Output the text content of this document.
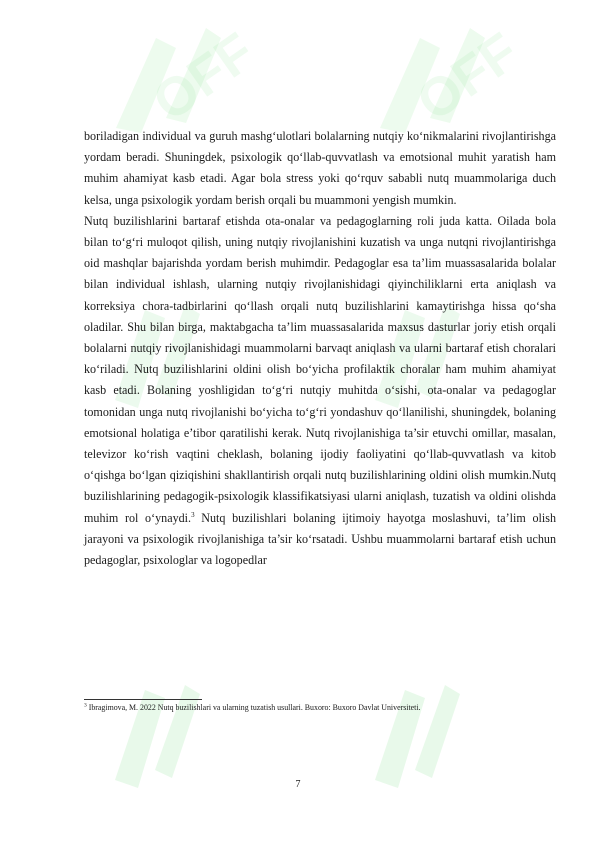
OFF	OFF

boriladigan individual va guruh mashg‘ulotlari bolalarning nutqiy ko‘nikmalarini rivojlantirishga yordam beradi. Shuningdek, psixologik qo‘llab-quvvatlash va emotsional muhit yaratish ham muhim ahamiyat kasb etadi. Agar bola stress yoki qo‘rquv sababli nutq muammolariga duch kelsa, unga psixologik yordam berish orqali bu muammoni yengish mumkin.

Nutq buzilishlarini bartaraf etishda ota-onalar va pedagoglarning roli juda katta. Oilada bola bilan to‘g‘ri muloqot qilish, uning nutqiy rivojlanishini kuzatish va unga nutqni rivojlantirishga oid mashqlar bajarishda yordam berish muhimdir. Pedagoglar esa ta’lim muassasalarida bolalar bilan individual ishlash, ularning nutqiy rivojlanishidagi qiyinchiliklarni erta aniqlash va korreksiya chora-tadbirlarini qo‘llash orqali nutq buzilishlarini kamaytirishga hissa qo‘sha oladilar. Shu bilan birga, maktabgacha ta’lim muassasalarida maxsus dasturlar joriy etish orqali bolalarni nutqiy rivojlanishidagi muammolarni barvaqt aniqlash va ularni bartaraf etish choralari ko‘riladi. Nutq buzilishlarini oldini olish bo‘yicha profilaktik choralar ham muhim ahamiyat kasb etadi. Bolaning yoshligidan to‘g‘ri nutqiy muhitda o‘sishi, ota-onalar va pedagoglar tomonidan unga nutq rivojlanishi bo‘yicha to‘g‘ri yondashuv qo‘llanilishi, shuningdek, bolaning emotsional holatiga e’tibor qaratilishi kerak. Nutq rivojlanishiga ta’sir etuvchi omillar, masalan, televizor ko‘rish vaqtini cheklash, bolaning ijodiy faoliyatini qo‘llab-quvvatlash va kitob o‘qishga bo‘lgan qiziqishini shakllantirish orqali nutq buzilishlarining oldini olish mumkin.Nutq buzilishlarining pedagogik-psixologik klassifikatsiyasi ularni aniqlash, tuzatish va oldini olishda muhim rol o‘ynaydi.$^3$ Nutq buzilishlari bolaning ijtimoiy hayotga moslashuvi, ta’lim olish jarayoni va psixologik rivojlanishiga ta’sir ko‘rsatadi. Ushbu muammolarni bartaraf etish uchun pedagoglar, psixologlar va logopedlar

$^3$ Ibragimova, M. 2022 Nutq buzilishlari va ularning tuzatish usullari. Buxoro: Buxoro Davlat Universiteti.
7
